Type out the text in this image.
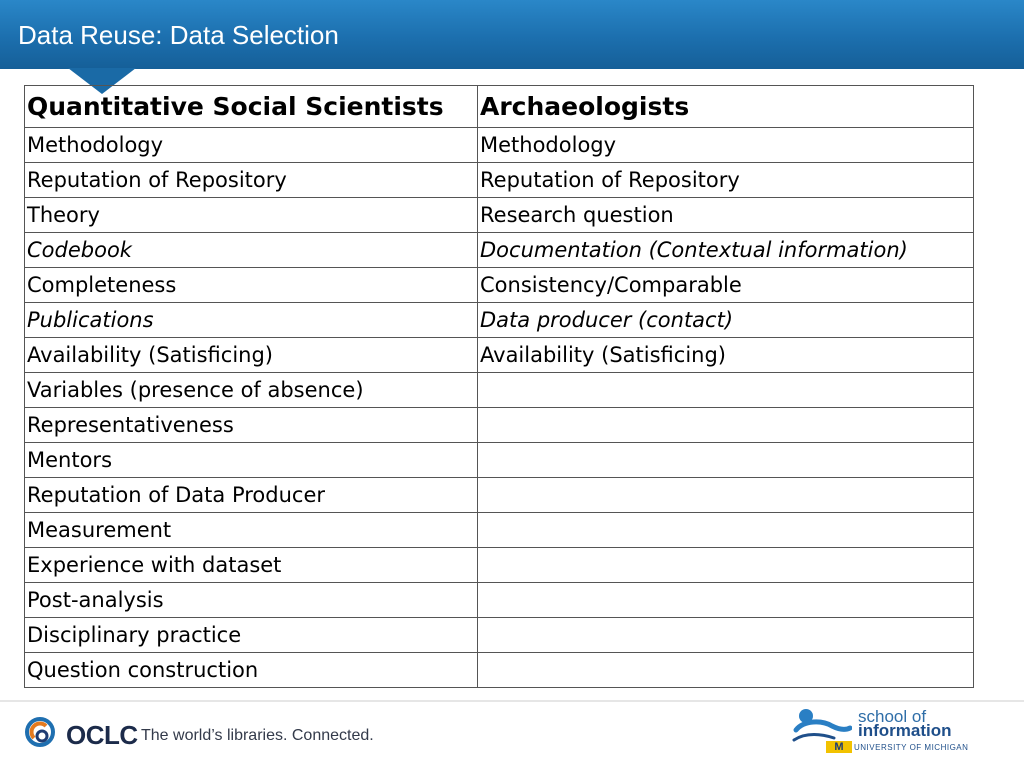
Data Reuse: Data Selection
Quantitative Social Scientists	Archaeologists
Methodology	Methodology
Reputation of Repository	Reputation of Repository
Theory	Research question
Codebook	Documentation (Contextual information)
Completeness	Consistency/Comparable
Publications	Data producer (contact)
Availability (Satisficing)	Availability (Satisficing)
Variables (presence of absence)	
Representativeness	
Mentors	
Reputation of Data Producer	
Measurement	
Experience with dataset	
Post-analysis	
Disciplinary practice	
Question construction	
OCLC The world’s libraries. Connected.
school of
information
M	UNIVERSITY OF MICHIGAN
